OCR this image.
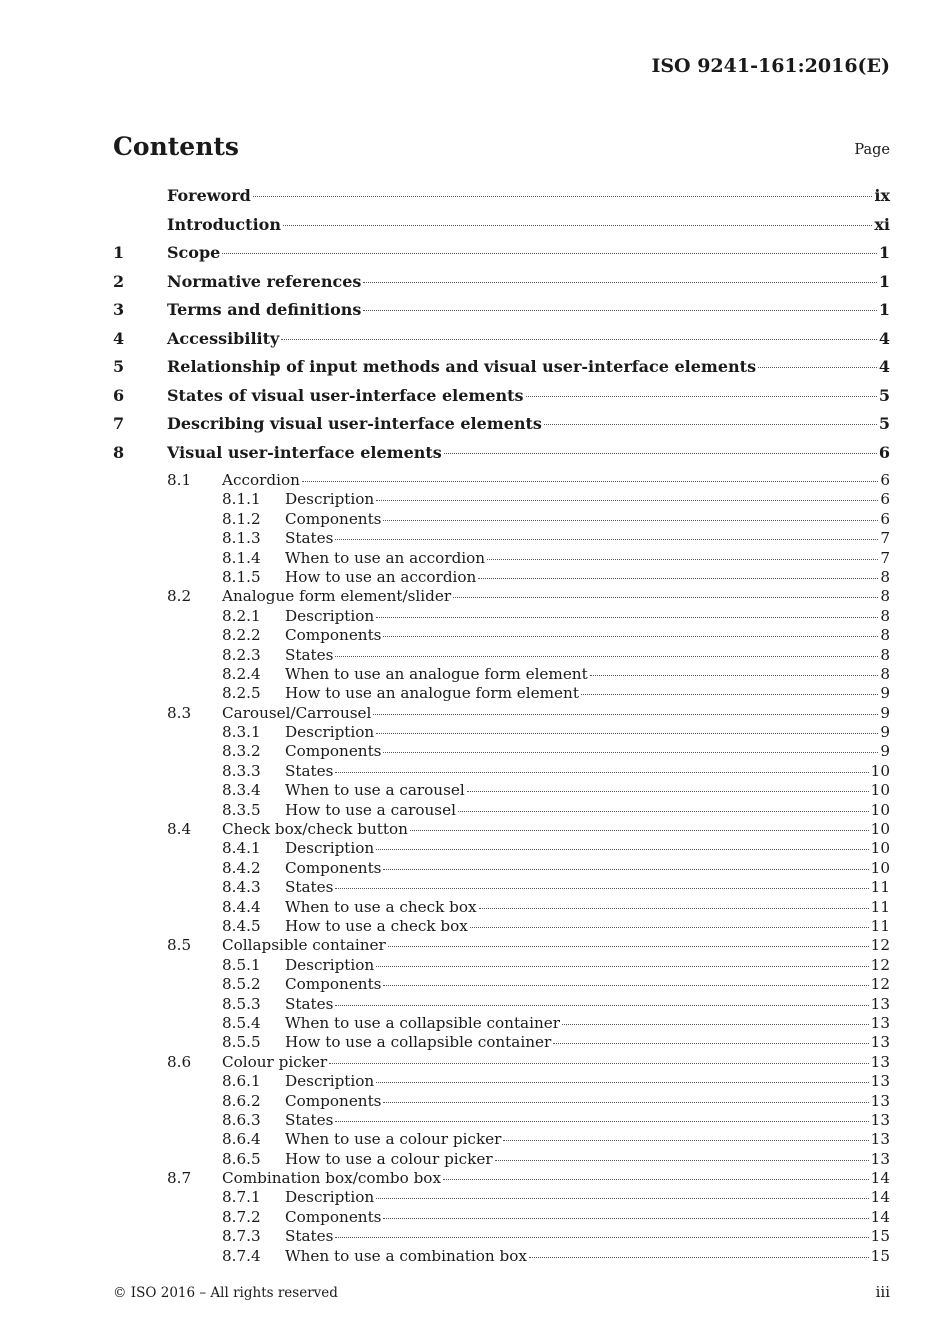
ISO 9241-161:2016(E)
Contents	Page
Foreword	ix
Introduction	xi
1	Scope	1
2	Normative references	1
3	Terms and definitions	1
4	Accessibility	4
5	Relationship of input methods and visual user-interface elements	4
6	States of visual user-interface elements	5
7	Describing visual user-interface elements	5
8	Visual user-interface elements	6
8.1	Accordion	6
8.1.1	Description	6
8.1.2	Components	6
8.1.3	States	7
8.1.4	When to use an accordion	7
8.1.5	How to use an accordion	8
8.2	Analogue form element/slider	8
8.2.1	Description	8
8.2.2	Components	8
8.2.3	States	8
8.2.4	When to use an analogue form element	8
8.2.5	How to use an analogue form element	9
8.3	Carousel/Carrousel	9
8.3.1	Description	9
8.3.2	Components	9
8.3.3	States	10
8.3.4	When to use a carousel	10
8.3.5	How to use a carousel	10
8.4	Check box/check button	10
8.4.1	Description	10
8.4.2	Components	10
8.4.3	States	11
8.4.4	When to use a check box	11
8.4.5	How to use a check box	11
8.5	Collapsible container	12
8.5.1	Description	12
8.5.2	Components	12
8.5.3	States	13
8.5.4	When to use a collapsible container	13
8.5.5	How to use a collapsible container	13
8.6	Colour picker	13
8.6.1	Description	13
8.6.2	Components	13
8.6.3	States	13
8.6.4	When to use a colour picker	13
8.6.5	How to use a colour picker	13
8.7	Combination box/combo box	14
8.7.1	Description	14
8.7.2	Components	14
8.7.3	States	15
8.7.4	When to use a combination box	15
© ISO 2016 – All rights reserved	iii
